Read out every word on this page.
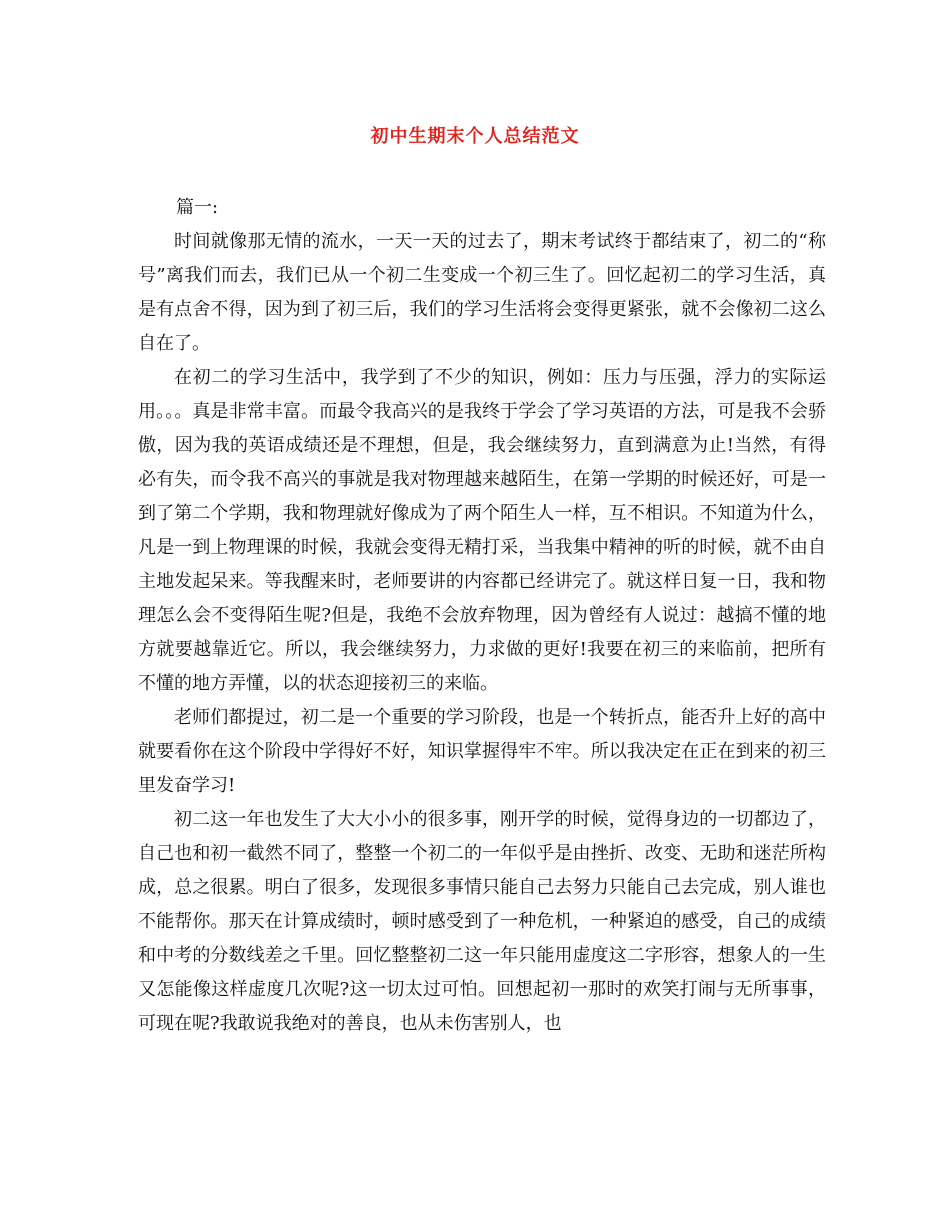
初中生期末个人总结范文

篇一:

时间就像那无情的流水，一天一天的过去了，期末考试终于都结束了，初二的“称号”离我们而去，我们已从一个初二生变成一个初三生了。回忆起初二的学习生活，真是有点舍不得，因为到了初三后，我们的学习生活将会变得更紧张，就不会像初二这么自在了。

在初二的学习生活中，我学到了不少的知识，例如：压力与压强，浮力的实际运用。。。真是非常丰富。而最令我高兴的是我终于学会了学习英语的方法，可是我不会骄傲，因为我的英语成绩还是不理想，但是，我会继续努力，直到满意为止!当然，有得必有失，而令我不高兴的事就是我对物理越来越陌生，在第一学期的时候还好，可是一到了第二个学期，我和物理就好像成为了两个陌生人一样，互不相识。不知道为什么，凡是一到上物理课的时候，我就会变得无精打采，当我集中精神的听的时候，就不由自主地发起呆来。等我醒来时，老师要讲的内容都已经讲完了。就这样日复一日，我和物理怎么会不变得陌生呢?但是，我绝不会放弃物理，因为曾经有人说过：越搞不懂的地方就要越靠近它。所以，我会继续努力，力求做的更好!我要在初三的来临前，把所有不懂的地方弄懂，以的状态迎接初三的来临。

老师们都提过，初二是一个重要的学习阶段，也是一个转折点，能否升上好的高中就要看你在这个阶段中学得好不好，知识掌握得牢不牢。所以我决定在正在到来的初三里发奋学习!

初二这一年也发生了大大小小的很多事，刚开学的时候，觉得身边的一切都边了，自己也和初一截然不同了，整整一个初二的一年似乎是由挫折、改变、无助和迷茫所构成，总之很累。明白了很多，发现很多事情只能自己去努力只能自己去完成，别人谁也不能帮你。那天在计算成绩时，顿时感受到了一种危机，一种紧迫的感受，自己的成绩和中考的分数线差之千里。回忆整整初二这一年只能用虚度这二字形容，想象人的一生又怎能像这样虚度几次呢?这一切太过可怕。回想起初一那时的欢笑打闹与无所事事，可现在呢?我敢说我绝对的善良，也从未伤害别人，也
